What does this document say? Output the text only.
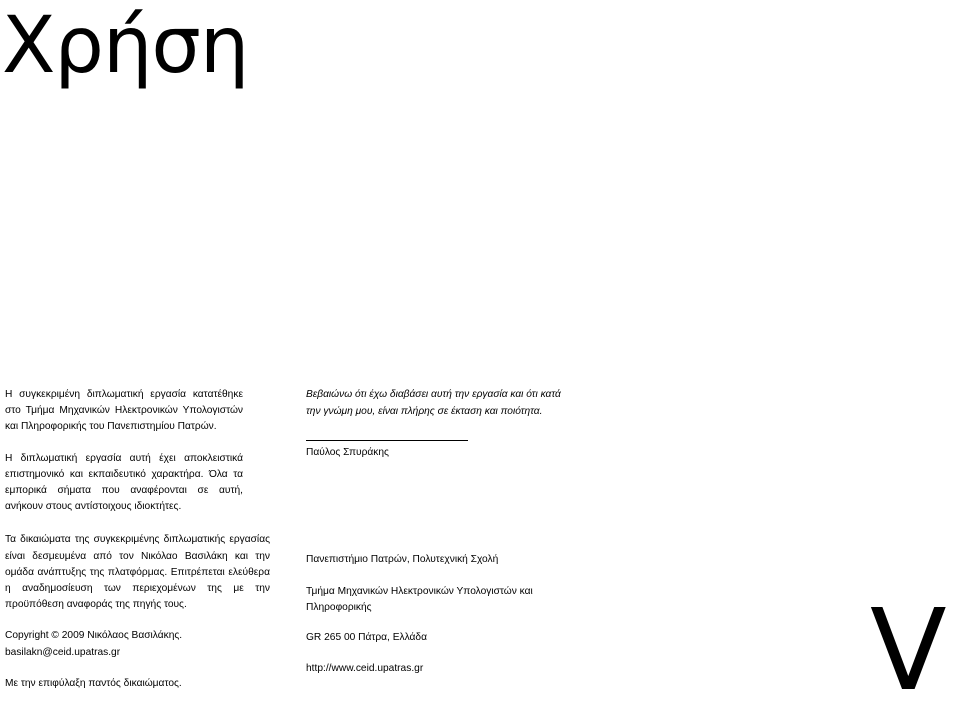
Χρήση

Η συγκεκριμένη διπλωματική εργασία κατατέθηκε στο Τμήμα Μηχανικών Ηλεκτρονικών Υπολογιστών και Πληροφορικής του Πανεπιστημίου Πατρών.

Η διπλωματική εργασία αυτή έχει αποκλειστικά επιστημονικό και εκπαιδευτικό χαρακτήρα. Όλα τα εμπορικά σήματα που αναφέρονται σε αυτή, ανήκουν στους αντίστοιχους ιδιοκτήτες.

Τα δικαιώματα της συγκεκριμένης διπλωματικής εργασίας είναι δεσμευμένα από τον Νικόλαο Βασιλάκη και την ομάδα ανάπτυξης της πλατφόρμας. Επιτρέπεται ελεύθερα η αναδημοσίευση των περιεχομένων της με την προϋπόθεση αναφοράς της πηγής τους.

Copyright © 2009 Νικόλαος Βασιλάκης.

basilakn@ceid.upatras.gr

Με την επιφύλαξη παντός δικαιώματος.

Βεβαιώνω ότι έχω διαβάσει αυτή την εργασία και ότι κατά την γνώμη μου, είναι πλήρης σε έκταση και ποιότητα.

Παύλος Σπυράκης

Πανεπιστήμιο Πατρών, Πολυτεχνική Σχολή

Τμήμα Μηχανικών Ηλεκτρονικών Υπολογιστών και Πληροφορικής

GR 265 00 Πάτρα, Ελλάδα

http://www.ceid.upatras.gr	V
